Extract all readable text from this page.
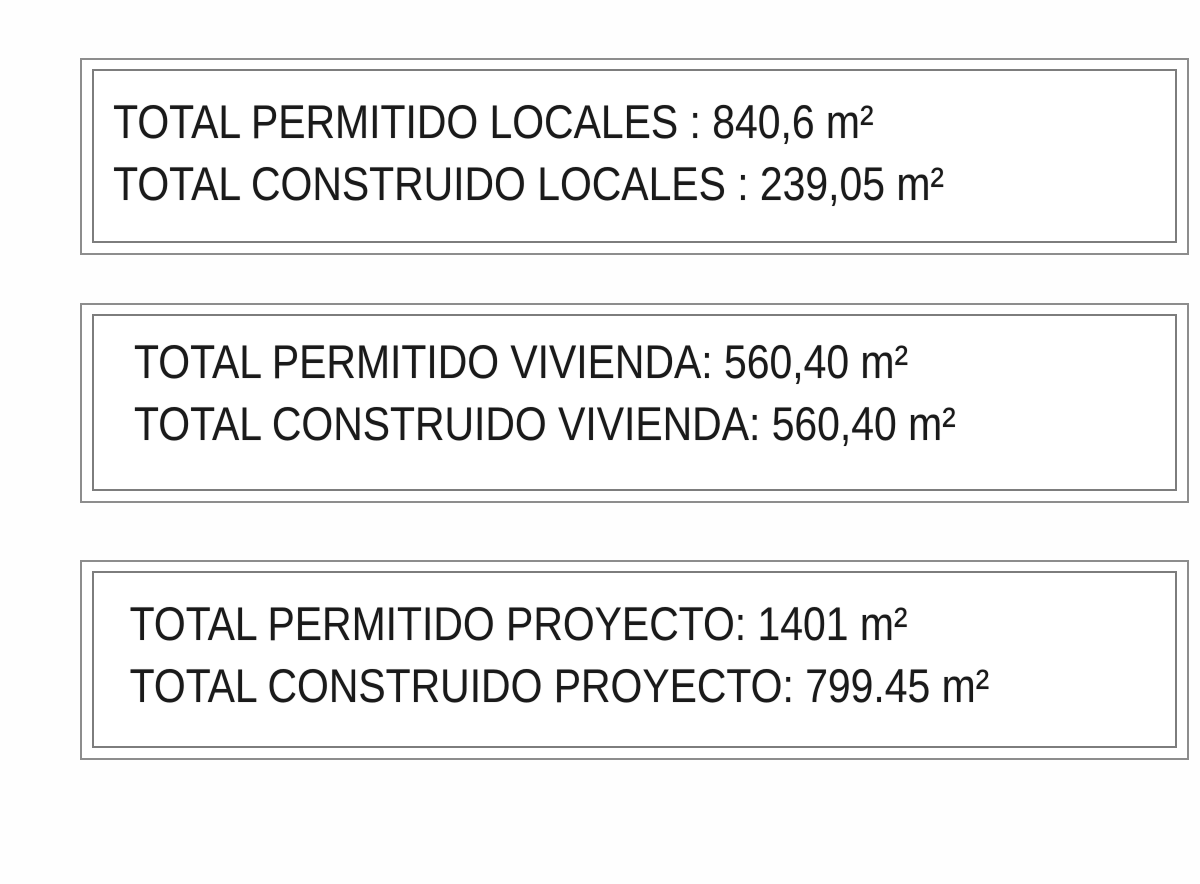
TOTAL PERMITIDO LOCALES : 840,6 m²
TOTAL CONSTRUIDO LOCALES : 239,05 m²
TOTAL PERMITIDO VIVIENDA: 560,40 m²
TOTAL CONSTRUIDO VIVIENDA: 560,40 m²
TOTAL PERMITIDO PROYECTO: 1401 m²
TOTAL CONSTRUIDO PROYECTO: 799.45 m²
